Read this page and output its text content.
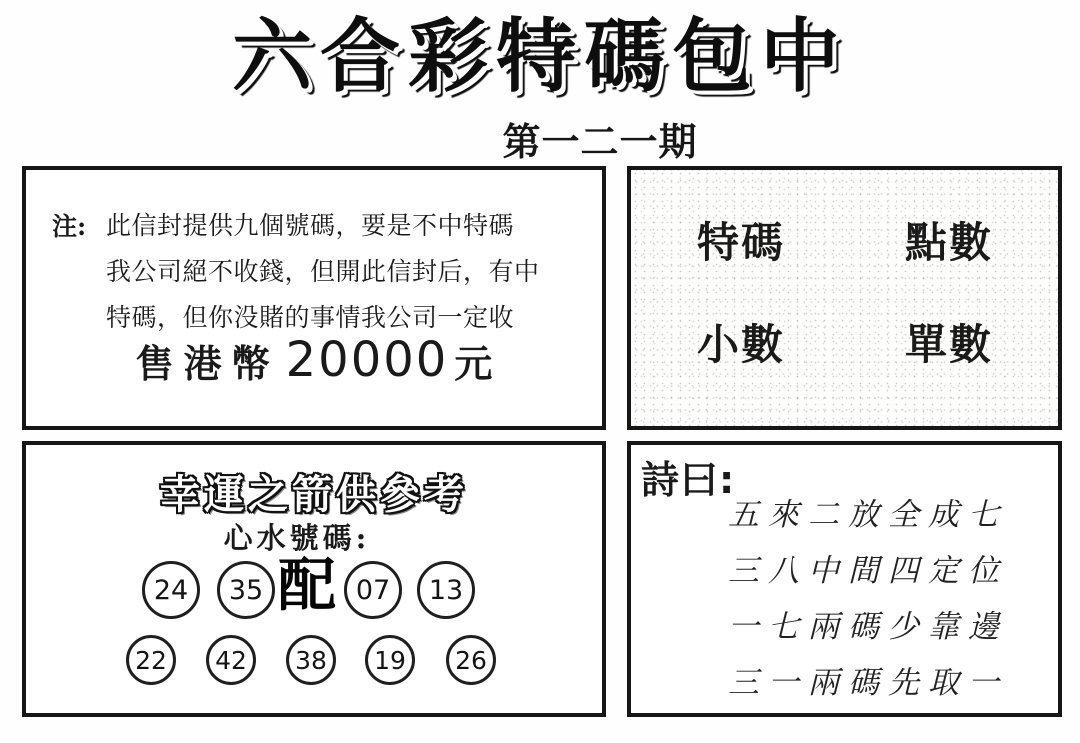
六合彩特碼包中
第一二一期
注: 此信封提供九個號碼，要是不中特碼
我公司絕不收錢，但開此信封后，有中
特碼，但你没賭的事情我公司一定收
售港幣 20000 元
特碼	點數
小數	單數
幸運之箭供參考
心水號碼:
24	35 配 07	13
22	42	38	19	26
詩曰:
五來二放全成七
三八中間四定位
一七兩碼少靠邊
三一兩碼先取一
